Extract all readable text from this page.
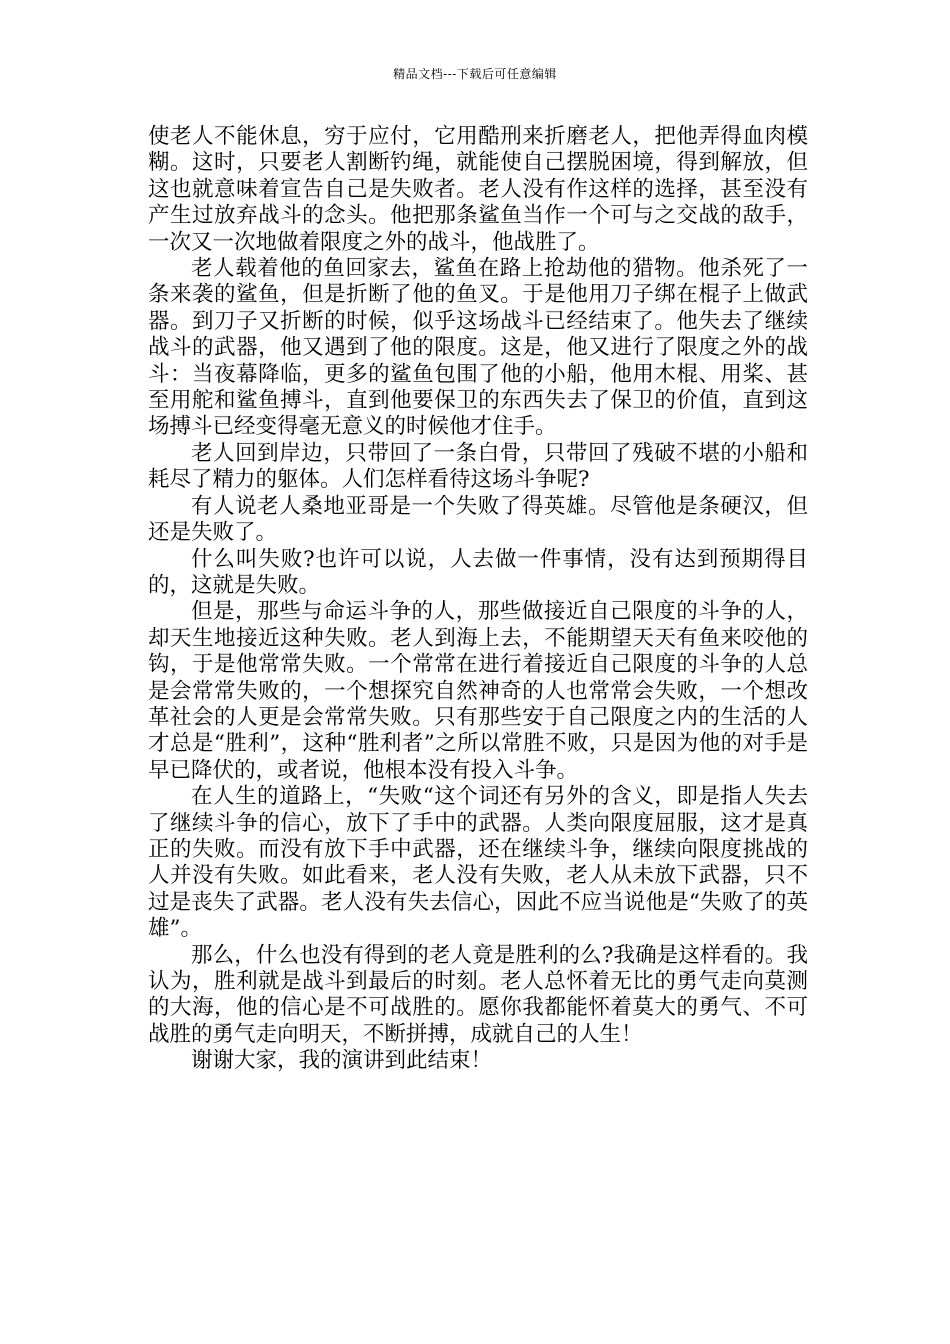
精品文档---下载后可任意编辑

使老人不能休息，穷于应付，它用酷刑来折磨老人，把他弄得血肉模糊。这时，只要老人割断钓绳，就能使自己摆脱困境，得到解放，但这也就意味着宣告自己是失败者。老人没有作这样的选择，甚至没有产生过放弃战斗的念头。他把那条鲨鱼当作一个可与之交战的敌手，一次又一次地做着限度之外的战斗，他战胜了。

老人载着他的鱼回家去，鲨鱼在路上抢劫他的猎物。他杀死了一条来袭的鲨鱼，但是折断了他的鱼叉。于是他用刀子绑在棍子上做武器。到刀子又折断的时候，似乎这场战斗已经结束了。他失去了继续战斗的武器，他又遇到了他的限度。这是，他又进行了限度之外的战斗：当夜幕降临，更多的鲨鱼包围了他的小船，他用木棍、用桨、甚至用舵和鲨鱼搏斗，直到他要保卫的东西失去了保卫的价值，直到这场搏斗已经变得毫无意义的时候他才住手。

老人回到岸边，只带回了一条白骨，只带回了残破不堪的小船和耗尽了精力的躯体。人们怎样看待这场斗争呢?

有人说老人桑地亚哥是一个失败了得英雄。尽管他是条硬汉，但还是失败了。

什么叫失败?也许可以说，人去做一件事情，没有达到预期得目的，这就是失败。

但是，那些与命运斗争的人，那些做接近自己限度的斗争的人，却天生地接近这种失败。老人到海上去，不能期望天天有鱼来咬他的钩，于是他常常失败。一个常常在进行着接近自己限度的斗争的人总是会常常失败的，一个想探究自然神奇的人也常常会失败，一个想改革社会的人更是会常常失败。只有那些安于自己限度之内的生活的人才总是“胜利”，这种“胜利者”之所以常胜不败，只是因为他的对手是早已降伏的，或者说，他根本没有投入斗争。

在人生的道路上，“失败“这个词还有另外的含义，即是指人失去了继续斗争的信心，放下了手中的武器。人类向限度屈服，这才是真正的失败。而没有放下手中武器，还在继续斗争，继续向限度挑战的人并没有失败。如此看来，老人没有失败，老人从未放下武器，只不过是丧失了武器。老人没有失去信心，因此不应当说他是“失败了的英雄”。

那么，什么也没有得到的老人竟是胜利的么?我确是这样看的。我认为，胜利就是战斗到最后的时刻。老人总怀着无比的勇气走向莫测的大海，他的信心是不可战胜的。愿你我都能怀着莫大的勇气、不可战胜的勇气走向明天，不断拼搏，成就自己的人生！

谢谢大家，我的演讲到此结束！
